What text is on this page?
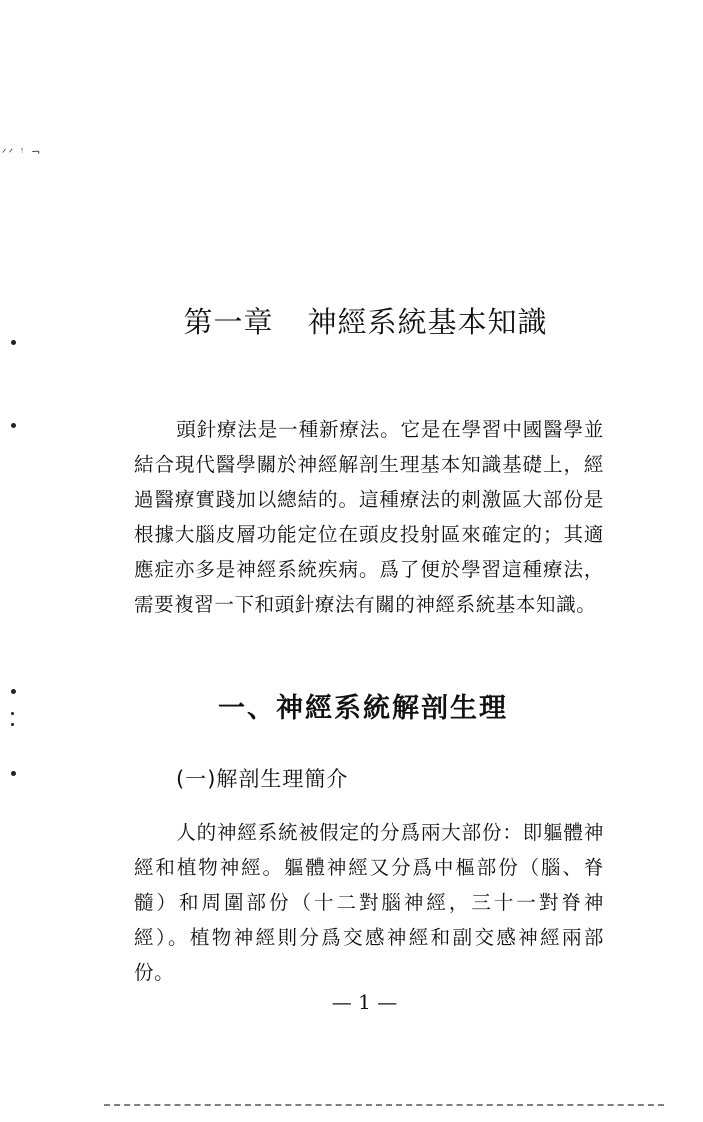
ᐟᐟ ꜝ ¬
第一章 神經系統基本知識
頭針療法是一種新療法。它是在學習中國醫學並結合現代醫學關於神經解剖生理基本知識基礎上，經過醫療實踐加以總結的。這種療法的刺激區大部份是根據大腦皮層功能定位在頭皮投射區來確定的；其適應症亦多是神經系統疾病。爲了便於學習這種療法，需要複習一下和頭針療法有關的神經系統基本知識。
一、神經系統解剖生理
(一)解剖生理簡介
人的神經系統被假定的分爲兩大部份：即軀體神經和植物神經。軀體神經又分爲中樞部份（腦、脊髓）和周圍部份（十二對腦神經，三十一對脊神經）。植物神經則分爲交感神經和副交感神經兩部份。
— 1 —
